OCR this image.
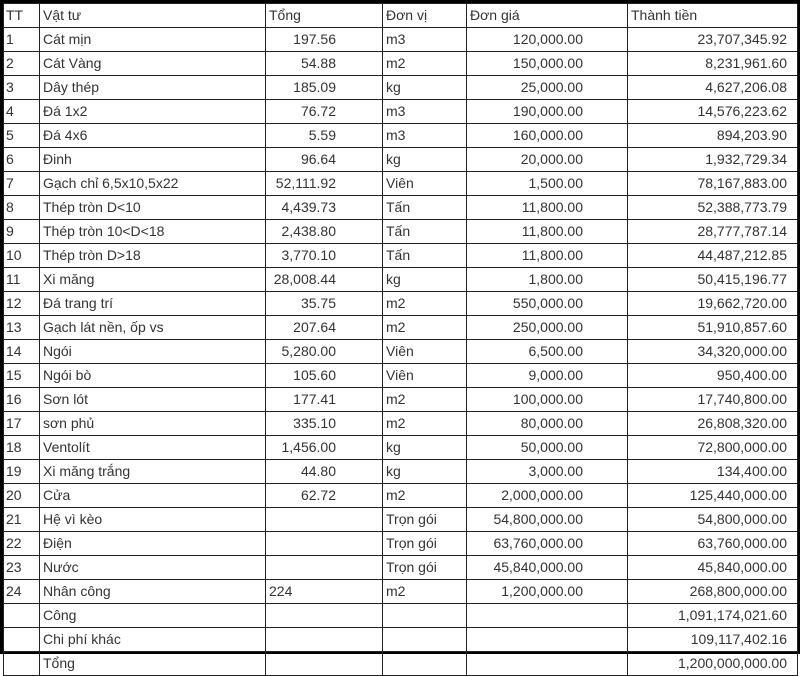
TT	Vật tư	Tổng	Đơn vị	Đơn giá	Thành tiền
1	Cát mịn	197.56	m3	120,000.00	23,707,345.92
2	Cát Vàng	54.88	m2	150,000.00	8,231,961.60
3	Dây thép	185.09	kg	25,000.00	4,627,206.08
4	Đá 1x2	76.72	m3	190,000.00	14,576,223.62
5	Đá 4x6	5.59	m3	160,000.00	894,203.90
6	Đinh	96.64	kg	20,000.00	1,932,729.34
7	Gạch chỉ 6,5x10,5x22	52,111.92	Viên	1,500.00	78,167,883.00
8	Thép tròn D<10	4,439.73	Tấn	11,800.00	52,388,773.79
9	Thép tròn 10<D<18	2,438.80	Tấn	11,800.00	28,777,787.14
10	Thép tròn D>18	3,770.10	Tấn	11,800.00	44,487,212.85
11	Xi măng	28,008.44	kg	1,800.00	50,415,196.77
12	Đá trang trí	35.75	m2	550,000.00	19,662,720.00
13	Gạch lát nền, ốp vs	207.64	m2	250,000.00	51,910,857.60
14	Ngói	5,280.00	Viên	6,500.00	34,320,000.00
15	Ngói bò	105.60	Viên	9,000.00	950,400.00
16	Sơn lót	177.41	m2	100,000.00	17,740,800.00
17	sơn phủ	335.10	m2	80,000.00	26,808,320.00
18	Ventolít	1,456.00	kg	50,000.00	72,800,000.00
19	Xi măng trắng	44.80	kg	3,000.00	134,400.00
20	Cửa	62.72	m2	2,000,000.00	125,440,000.00
21	Hệ vì kèo		Trọn gói	54,800,000.00	54,800,000.00
22	Điện		Trọn gói	63,760,000.00	63,760,000.00
23	Nước		Trọn gói	45,840,000.00	45,840,000.00
24	Nhân công	224	m2	1,200,000.00	268,800,000.00
	Công				1,091,174,021.60
	Chi phí khác				109,117,402.16
	Tổng				1,200,000,000.00
